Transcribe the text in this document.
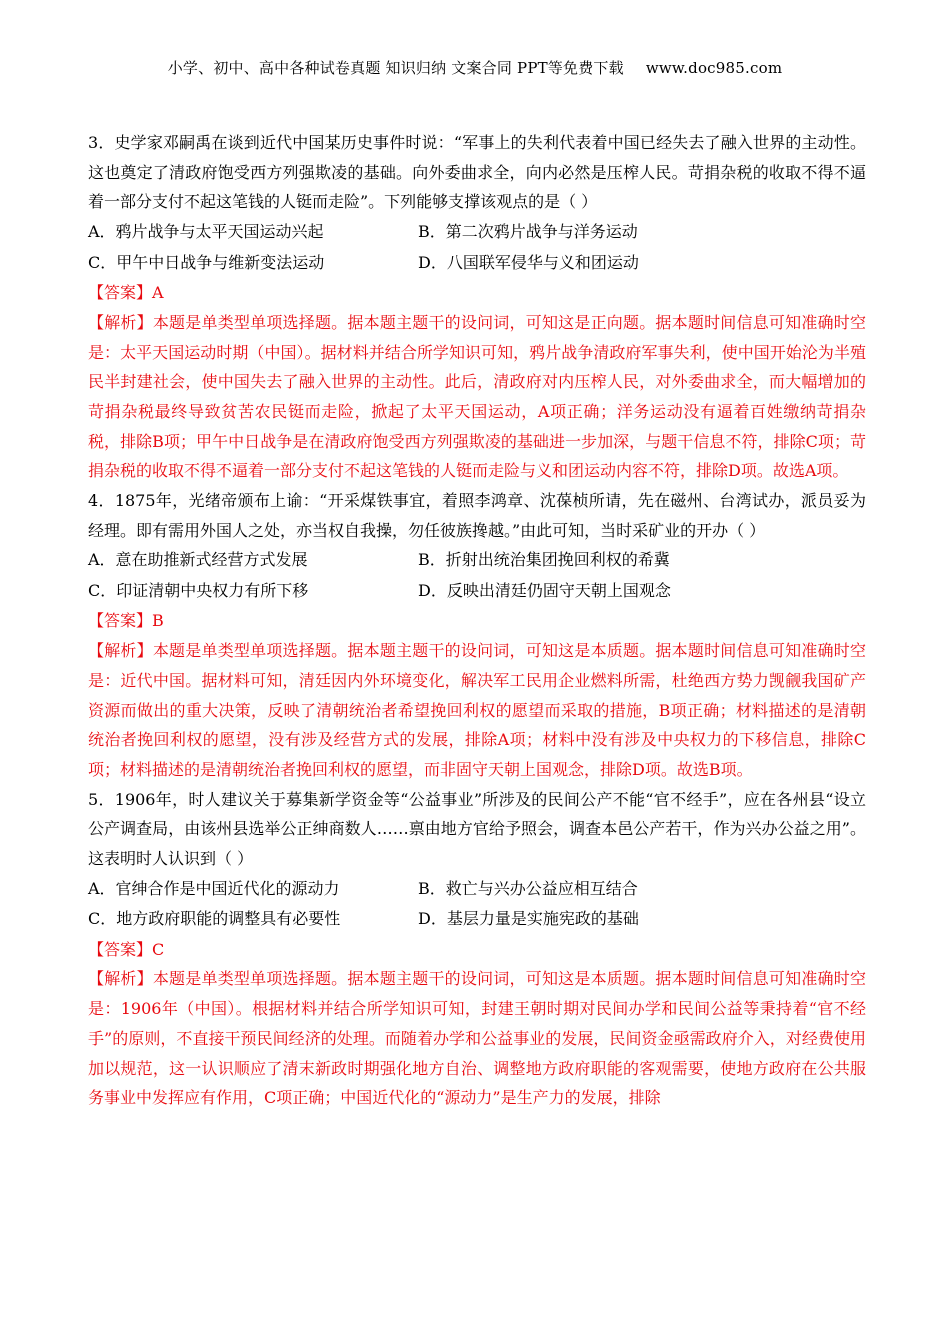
小学、初中、高中各种试卷真题 知识归纳 文案合同 PPT等免费下载 www.doc985.com

3．史学家邓嗣禹在谈到近代中国某历史事件时说：“军事上的失利代表着中国已经失去了融入世界的主动性。这也奠定了清政府饱受西方列强欺凌的基础。向外委曲求全，向内必然是压榨人民。苛捐杂税的收取不得不逼着一部分支付不起这笔钱的人铤而走险”。下列能够支撑该观点的是（ ）

A．鸦片战争与太平天国运动兴起	B．第二次鸦片战争与洋务运动
C．甲午中日战争与维新变法运动	D．八国联军侵华与义和团运动

【答案】A

【解析】本题是单类型单项选择题。据本题主题干的设问词，可知这是正向题。据本题时间信息可知准确时空是：太平天国运动时期（中国）。据材料并结合所学知识可知，鸦片战争清政府军事失利，使中国开始沦为半殖民半封建社会，使中国失去了融入世界的主动性。此后，清政府对内压榨人民，对外委曲求全，而大幅增加的苛捐杂税最终导致贫苦农民铤而走险，掀起了太平天国运动，A项正确；洋务运动没有逼着百姓缴纳苛捐杂税，排除B项；甲午中日战争是在清政府饱受西方列强欺凌的基础进一步加深，与题干信息不符，排除C项；苛捐杂税的收取不得不逼着一部分支付不起这笔钱的人铤而走险与义和团运动内容不符，排除D项。故选A项。

4．1875年，光绪帝颁布上谕：“开采煤铁事宜，着照李鸿章、沈葆桢所请，先在磁州、台湾试办，派员妥为经理。即有需用外国人之处，亦当权自我操，勿任彼族搀越。”由此可知，当时采矿业的开办（ ）

A．意在助推新式经营方式发展	B．折射出统治集团挽回利权的希冀
C．印证清朝中央权力有所下移	D．反映出清廷仍固守天朝上国观念

【答案】B

【解析】本题是单类型单项选择题。据本题主题干的设问词，可知这是本质题。据本题时间信息可知准确时空是：近代中国。据材料可知，清廷因内外环境变化，解决军工民用企业燃料所需，杜绝西方势力觊觎我国矿产资源而做出的重大决策，反映了清朝统治者希望挽回利权的愿望而采取的措施，B项正确；材料描述的是清朝统治者挽回利权的愿望，没有涉及经营方式的发展，排除A项；材料中没有涉及中央权力的下移信息，排除C项；材料描述的是清朝统治者挽回利权的愿望，而非固守天朝上国观念，排除D项。故选B项。

5．1906年，时人建议关于募集新学资金等“公益事业”所涉及的民间公产不能“官不经手”，应在各州县“设立公产调查局，由该州县选举公正绅商数人……禀由地方官给予照会，调查本邑公产若干，作为兴办公益之用”。这表明时人认识到（ ）

A．官绅合作是中国近代化的源动力	B．救亡与兴办公益应相互结合
C．地方政府职能的调整具有必要性	D．基层力量是实施宪政的基础

【答案】C

【解析】本题是单类型单项选择题。据本题主题干的设问词，可知这是本质题。据本题时间信息可知准确时空是：1906年（中国）。根据材料并结合所学知识可知，封建王朝时期对民间办学和民间公益等秉持着“官不经手”的原则，不直接干预民间经济的处理。而随着办学和公益事业的发展，民间资金亟需政府介入，对经费使用加以规范，这一认识顺应了清末新政时期强化地方自治、调整地方政府职能的客观需要，使地方政府在公共服务事业中发挥应有作用，C项正确；中国近代化的“源动力”是生产力的发展，排除
